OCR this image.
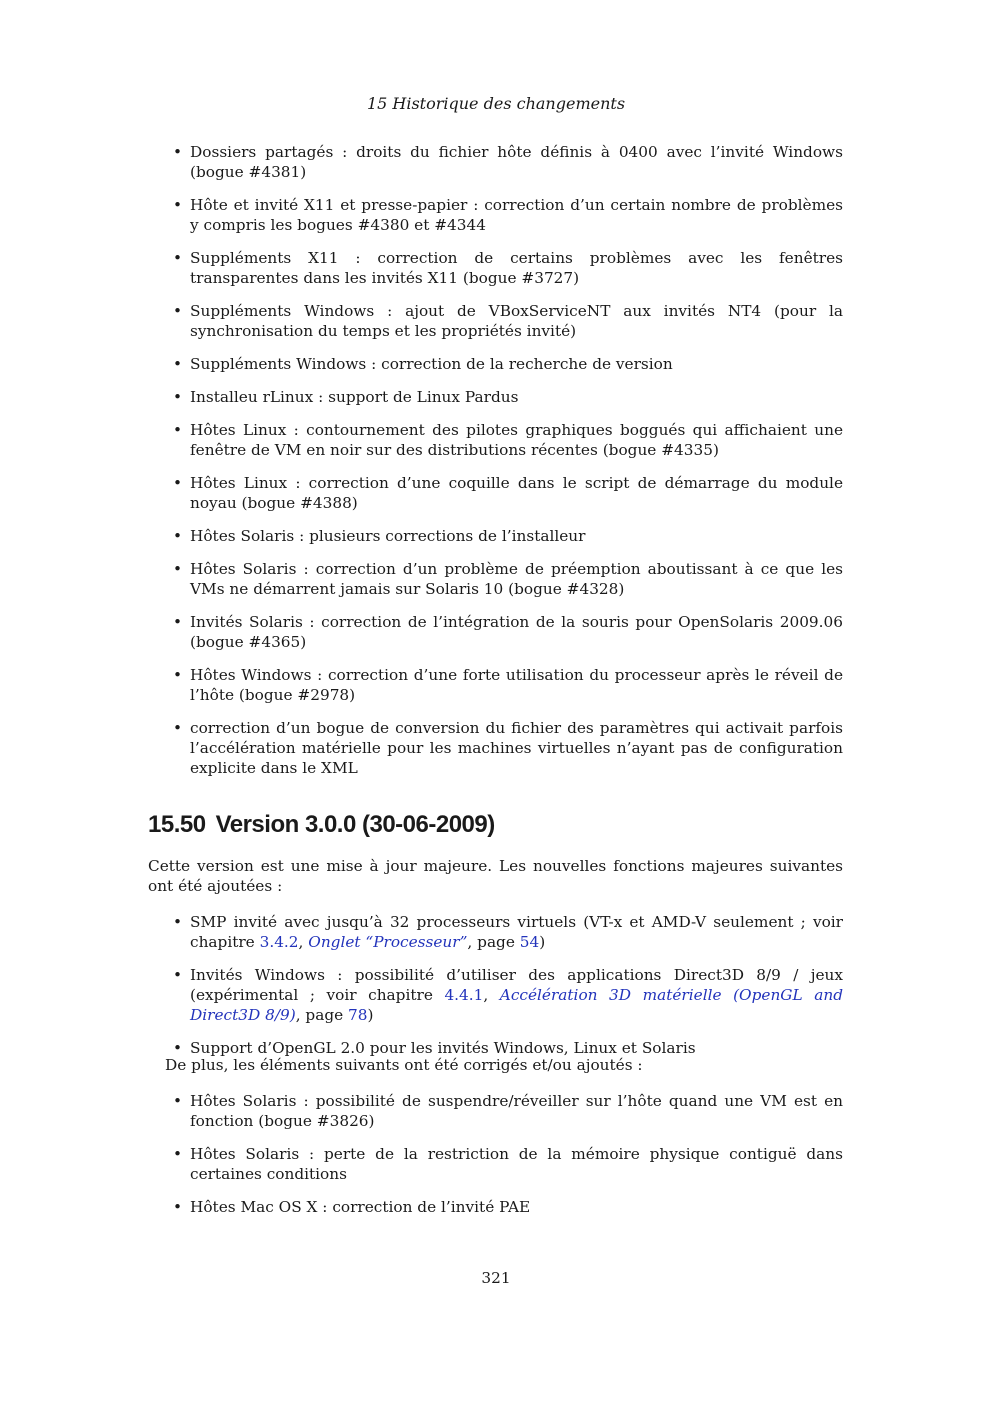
15 Historique des changements
• Dossiers partagés : droits du fichier hôte définis à 0400 avec l’invité Windows (bogue #4381)
• Hôte et invité X11 et presse-papier : correction d’un certain nombre de problèmes y compris les bogues #4380 et #4344
• Suppléments X11 : correction de certains problèmes avec les fenêtres transparentes dans les invités X11 (bogue #3727)
• Suppléments Windows : ajout de VBoxServiceNT aux invités NT4 (pour la synchronisation du temps et les propriétés invité)
• Suppléments Windows : correction de la recherche de version
• Installeu rLinux : support de Linux Pardus
• Hôtes Linux : contournement des pilotes graphiques boggués qui affichaient une fenêtre de VM en noir sur des distributions récentes (bogue #4335)
• Hôtes Linux : correction d’une coquille dans le script de démarrage du module noyau (bogue #4388)
• Hôtes Solaris : plusieurs corrections de l’installeur
• Hôtes Solaris : correction d’un problème de préemption aboutissant à ce que les VMs ne démarrent jamais sur Solaris 10 (bogue #4328)
• Invités Solaris : correction de l’intégration de la souris pour OpenSolaris 2009.06 (bogue #4365)
• Hôtes Windows : correction d’une forte utilisation du processeur après le réveil de l’hôte (bogue #2978)
• correction d’un bogue de conversion du fichier des paramètres qui activait parfois l’accélération matérielle pour les machines virtuelles n’ayant pas de configuration explicite dans le XML
15.50 Version 3.0.0 (30-06-2009)

Cette version est une mise à jour majeure. Les nouvelles fonctions majeures suivantes ont été ajoutées :

• SMP invité avec jusqu’à 32 processeurs virtuels (VT-x et AMD-V seulement ; voir chapitre 3.4.2, Onglet “Processeur”, page 54)
• Invités Windows : possibilité d’utiliser des applications Direct3D 8/9 / jeux (expérimental ; voir chapitre 4.4.1, Accélération 3D matérielle (OpenGL and Direct3D 8/9), page 78)
• Support d’OpenGL 2.0 pour les invités Windows, Linux et Solaris

De plus, les éléments suivants ont été corrigés et/ou ajoutés :

• Hôtes Solaris : possibilité de suspendre/réveiller sur l’hôte quand une VM est en fonction (bogue #3826)
• Hôtes Solaris : perte de la restriction de la mémoire physique contiguë dans certaines conditions
• Hôtes Mac OS X : correction de l’invité PAE
321
